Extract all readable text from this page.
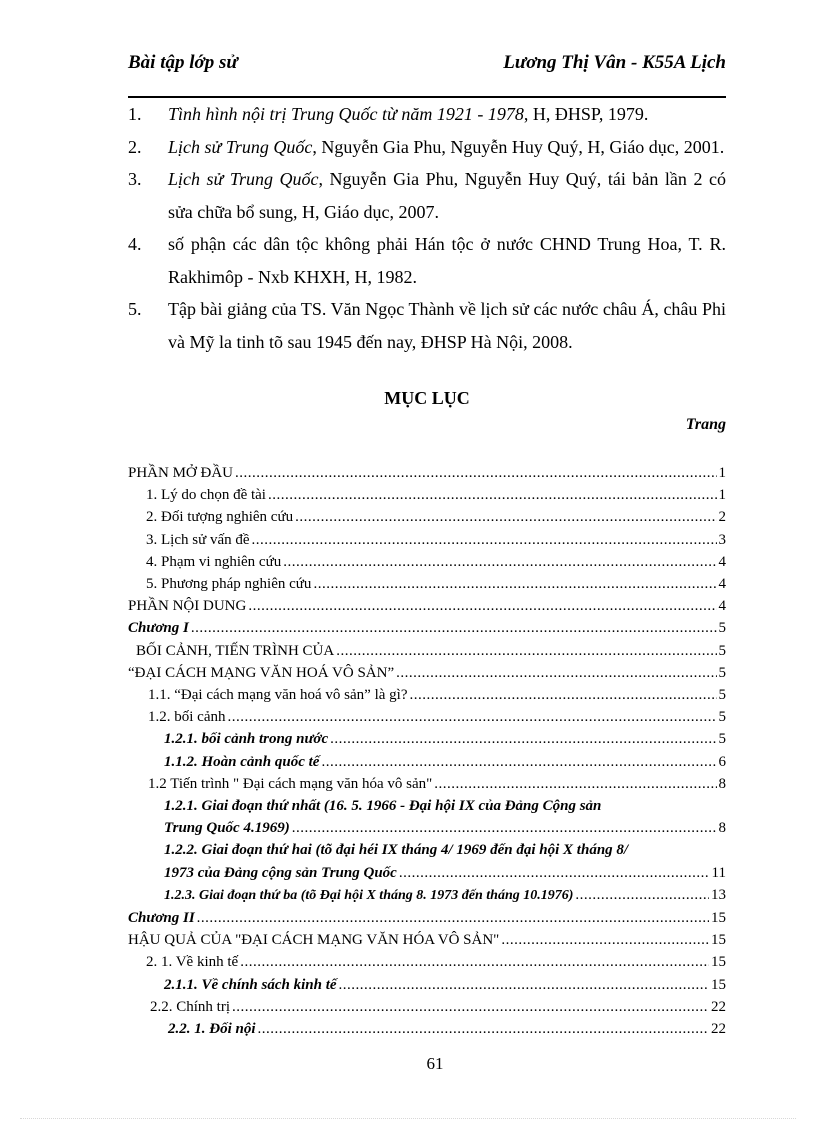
Bài tập lớp sử	Lương Thị Vân - K55A Lịch
1.	Tình hình nội trị Trung Quốc từ năm 1921 - 1978, H, ĐHSP, 1979.
2.	Lịch sử Trung Quốc, Nguyễn Gia Phu, Nguyễn Huy Quý, H, Giáo dục, 2001.
3.	Lịch sử Trung Quốc, Nguyễn Gia Phu, Nguyễn Huy Quý, tái bản lần 2 có sửa chữa bổ sung, H, Giáo dục, 2007.
4.	số phận các dân tộc không phải Hán tộc ở nước CHND Trung Hoa, T. R. Rakhimôp - Nxb KHXH, H, 1982.
5.	Tập bài giảng của TS. Văn Ngọc Thành về lịch sử các nước châu Á, châu Phi và Mỹ la tinh tõ sau 1945 đến nay, ĐHSP Hà Nội, 2008.
MỤC LỤC
Trang
PHẦN MỞ ĐẦU .....	1
1. Lý do chọn đề tài .....	1
2. Đối tượng nghiên cứu .....	2
3. Lịch sử vấn đề .....	3
4. Phạm vi nghiên cứu .....	4
5. Phương pháp nghiên cứu .....	4
PHẦN NỘI DUNG .....	4
Chương I .....	5
BỐI CẢNH, TIẾN TRÌNH CỦA .....	5
“ĐẠI CÁCH MẠNG VĂN HOÁ VÔ SẢN” .....	5
1.1. “Đại cách mạng văn hoá vô sản” là gì? .....	5
1.2. bối cảnh .....	5
1.2.1. bối cảnh trong nước .....	5
1.1.2. Hoàn cảnh quốc tế .....	6
1.2 Tiến trình " Đại cách mạng văn hóa vô sản" .....	8
1.2.1. Giai đoạn thứ nhất (16. 5. 1966 - Đại hội IX của Đảng Cộng sản
Trung Quốc 4.1969) .....	8
1.2.2. Giai đoạn thứ hai (tõ đại héi IX tháng 4/ 1969 đến đại hội X tháng 8/
1973 của Đảng cộng sản Trung Quốc .....	11
1.2.3. Giai đoạn thứ ba (tõ Đại hội X tháng 8. 1973 đến tháng 10.1976) .....	13
Chương II .....	15
HẬU QUẢ CỦA "ĐẠI CÁCH MẠNG VĂN HÓA VÔ SẢN" .....	15
2. 1. Về kinh tế .....	15
2.1.1. Về chính sách kinh tế .....	15
2.2. Chính trị .....	22
2.2. 1. Đối nội .....	22
61
